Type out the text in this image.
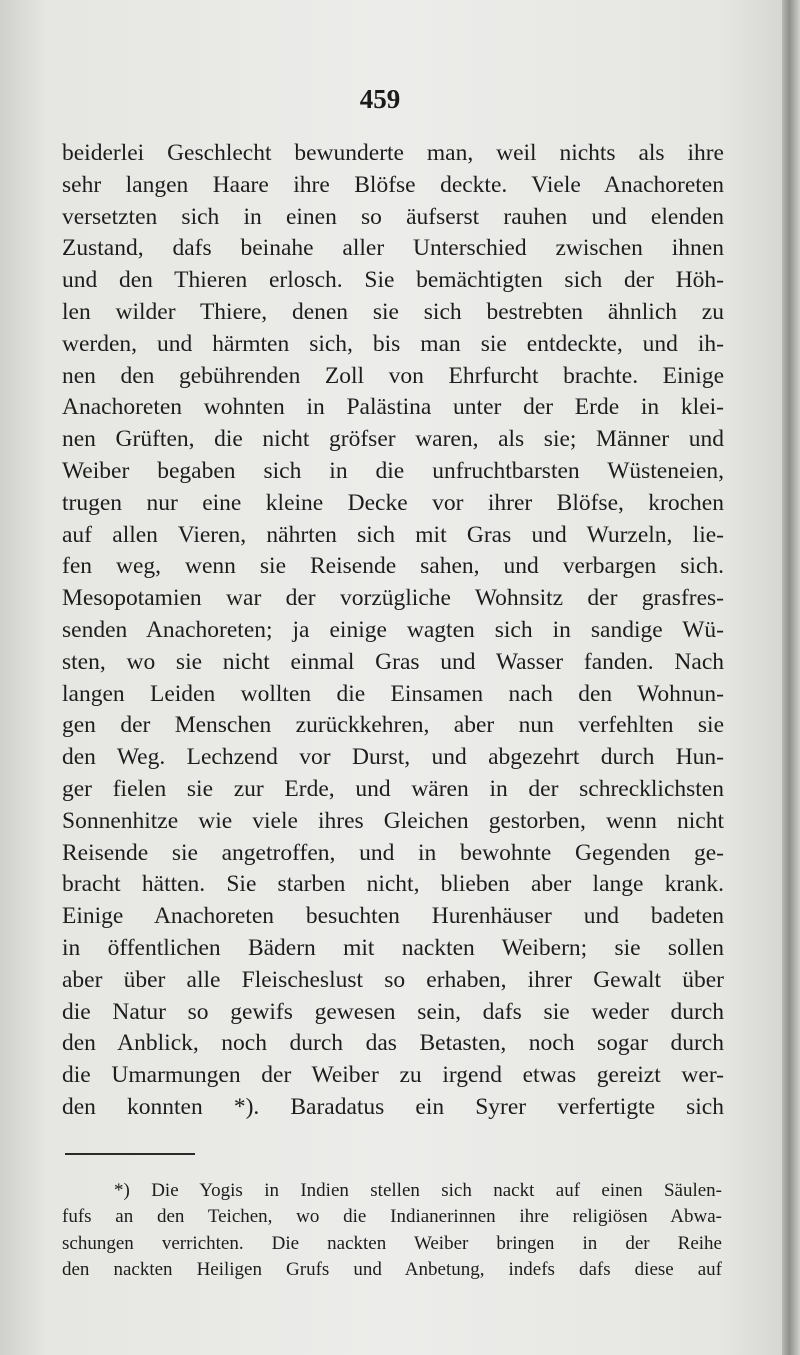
459
beiderlei Geschlecht bewunderte man, weil nichts als ihre
sehr langen Haare ihre Blöfse deckte. Viele Anachoreten
versetzten sich in einen so äufserst rauhen und elenden
Zustand, dafs beinahe aller Unterschied zwischen ihnen
und den Thieren erlosch. Sie bemächtigten sich der Höh-
len wilder Thiere, denen sie sich bestrebten ähnlich zu
werden, und härmten sich, bis man sie entdeckte, und ih-
nen den gebührenden Zoll von Ehrfurcht brachte. Einige
Anachoreten wohnten in Palästina unter der Erde in klei-
nen Grüften, die nicht gröfser waren, als sie; Männer und
Weiber begaben sich in die unfruchtbarsten Wüsteneien,
trugen nur eine kleine Decke vor ihrer Blöfse, krochen
auf allen Vieren, nährten sich mit Gras und Wurzeln, lie-
fen weg, wenn sie Reisende sahen, und verbargen sich.
Mesopotamien war der vorzügliche Wohnsitz der grasfres-
senden Anachoreten; ja einige wagten sich in sandige Wü-
sten, wo sie nicht einmal Gras und Wasser fanden. Nach
langen Leiden wollten die Einsamen nach den Wohnun-
gen der Menschen zurückkehren, aber nun verfehlten sie
den Weg. Lechzend vor Durst, und abgezehrt durch Hun-
ger fielen sie zur Erde, und wären in der schrecklichsten
Sonnenhitze wie viele ihres Gleichen gestorben, wenn nicht
Reisende sie angetroffen, und in bewohnte Gegenden ge-
bracht hätten. Sie starben nicht, blieben aber lange krank.
Einige Anachoreten besuchten Hurenhäuser und badeten
in öffentlichen Bädern mit nackten Weibern; sie sollen
aber über alle Fleischeslust so erhaben, ihrer Gewalt über
die Natur so gewifs gewesen sein, dafs sie weder durch
den Anblick, noch durch das Betasten, noch sogar durch
die Umarmungen der Weiber zu irgend etwas gereizt wer-
den konnten *). Baradatus ein Syrer verfertigte sich
*) Die Yogis in Indien stellen sich nackt auf einen Säulen-
fufs an den Teichen, wo die Indianerinnen ihre religiösen Abwa-
schungen verrichten. Die nackten Weiber bringen in der Reihe
den nackten Heiligen Grufs und Anbetung, indefs dafs diese auf
